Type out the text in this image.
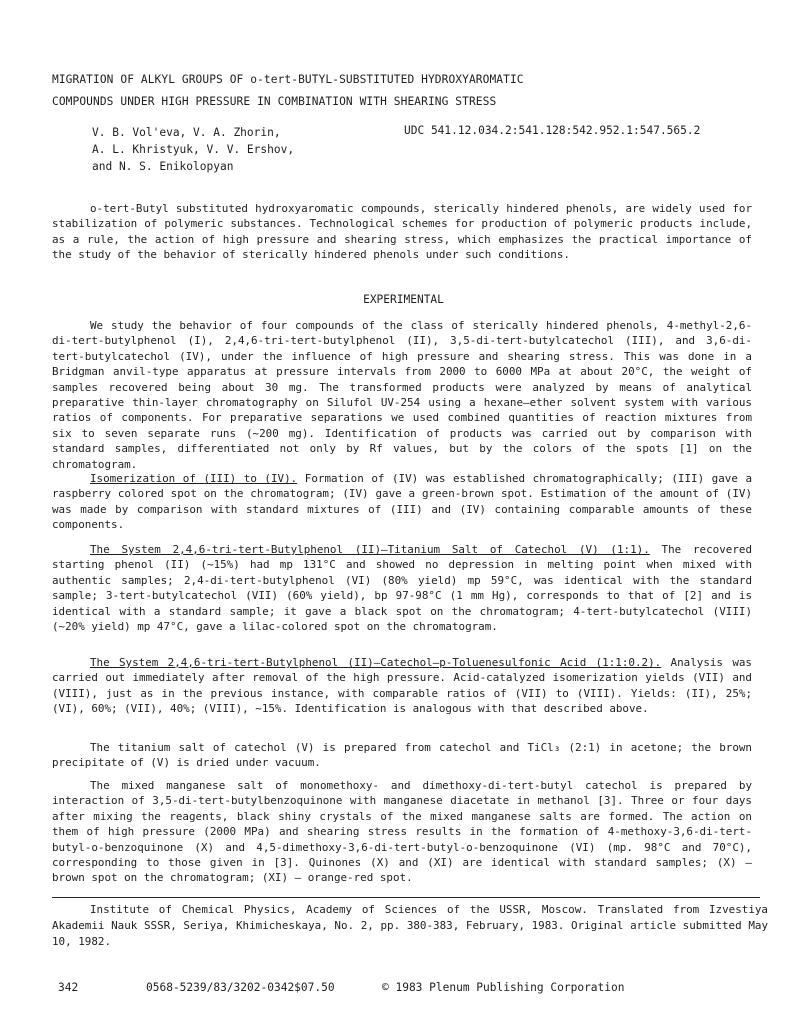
MIGRATION OF ALKYL GROUPS OF o-tert-BUTYL-SUBSTITUTED HYDROXYAROMATIC
COMPOUNDS UNDER HIGH PRESSURE IN COMBINATION WITH SHEARING STRESS
V. B. Vol'eva, V. A. Zhorin,
A. L. Khristyuk, V. V. Ershov,
and N. S. Enikolopyan
UDC 541.12.034.2:541.128:542.952.1:547.565.2

o-tert-Butyl substituted hydroxyaromatic compounds, sterically hindered phenols, are widely used for stabilization of polymeric substances. Technological schemes for production of polymeric products include, as a rule, the action of high pressure and shearing stress, which emphasizes the practical importance of the study of the behavior of sterically hindered phenols under such conditions.

EXPERIMENTAL

We study the behavior of four compounds of the class of sterically hindered phenols, 4-methyl-2,6-di-tert-butylphenol (I), 2,4,6-tri-tert-butylphenol (II), 3,5-di-tert-butylcatechol (III), and 3,6-di-tert-butylcatechol (IV), under the influence of high pressure and shearing stress. This was done in a Bridgman anvil-type apparatus at pressure intervals from 2000 to 6000 MPa at about 20°C, the weight of samples recovered being about 30 mg. The transformed products were analyzed by means of analytical preparative thin-layer chromatography on Silufol UV-254 using a hexane—ether solvent system with various ratios of components. For preparative separations we used combined quantities of reaction mixtures from six to seven separate runs (~200 mg). Identification of products was carried out by comparison with standard samples, differentiated not only by Rf values, but by the colors of the spots [1] on the chromatogram.

Isomerization of (III) to (IV). Formation of (IV) was established chromatographically; (III) gave a raspberry colored spot on the chromatogram; (IV) gave a green-brown spot. Estimation of the amount of (IV) was made by comparison with standard mixtures of (III) and (IV) containing comparable amounts of these components.

The System 2,4,6-tri-tert-Butylphenol (II)—Titanium Salt of Catechol (V) (1:1). The recovered starting phenol (II) (~15%) had mp 131°C and showed no depression in melting point when mixed with authentic samples; 2,4-di-tert-butylphenol (VI) (80% yield) mp 59°C, was identical with the standard sample; 3-tert-butylcatechol (VII) (60% yield), bp 97-98°C (1 mm Hg), corresponds to that of [2] and is identical with a standard sample; it gave a black spot on the chromatogram; 4-tert-butylcatechol (VIII) (~20% yield) mp 47°C, gave a lilac-colored spot on the chromatogram.

The System 2,4,6-tri-tert-Butylphenol (II)—Catechol—p-Toluenesulfonic Acid (1:1:0.2). Analysis was carried out immediately after removal of the high pressure. Acid-catalyzed isomerization yields (VII) and (VIII), just as in the previous instance, with comparable ratios of (VII) to (VIII). Yields: (II), 25%; (VI), 60%; (VII), 40%; (VIII), ~15%. Identification is analogous with that described above.

The titanium salt of catechol (V) is prepared from catechol and TiCl₃ (2:1) in acetone; the brown precipitate of (V) is dried under vacuum.

The mixed manganese salt of monomethoxy- and dimethoxy-di-tert-butyl catechol is prepared by interaction of 3,5-di-tert-butylbenzoquinone with manganese diacetate in methanol [3]. Three or four days after mixing the reagents, black shiny crystals of the mixed manganese salts are formed. The action on them of high pressure (2000 MPa) and shearing stress results in the formation of 4-methoxy-3,6-di-tert-butyl-o-benzoquinone (X) and 4,5-dimethoxy-3,6-di-tert-butyl-o-benzoquinone (VI) (mp. 98°C and 70°C), corresponding to those given in [3]. Quinones (X) and (XI) are identical with standard samples; (X) — brown spot on the chromatogram; (XI) — orange-red spot.

Institute of Chemical Physics, Academy of Sciences of the USSR, Moscow. Translated from Izvestiya Akademii Nauk SSSR, Seriya, Khimicheskaya, No. 2, pp. 380-383, February, 1983. Original article submitted May 10, 1982.

342	0568-5239/83/3202-0342$07.50	© 1983 Plenum Publishing Corporation
